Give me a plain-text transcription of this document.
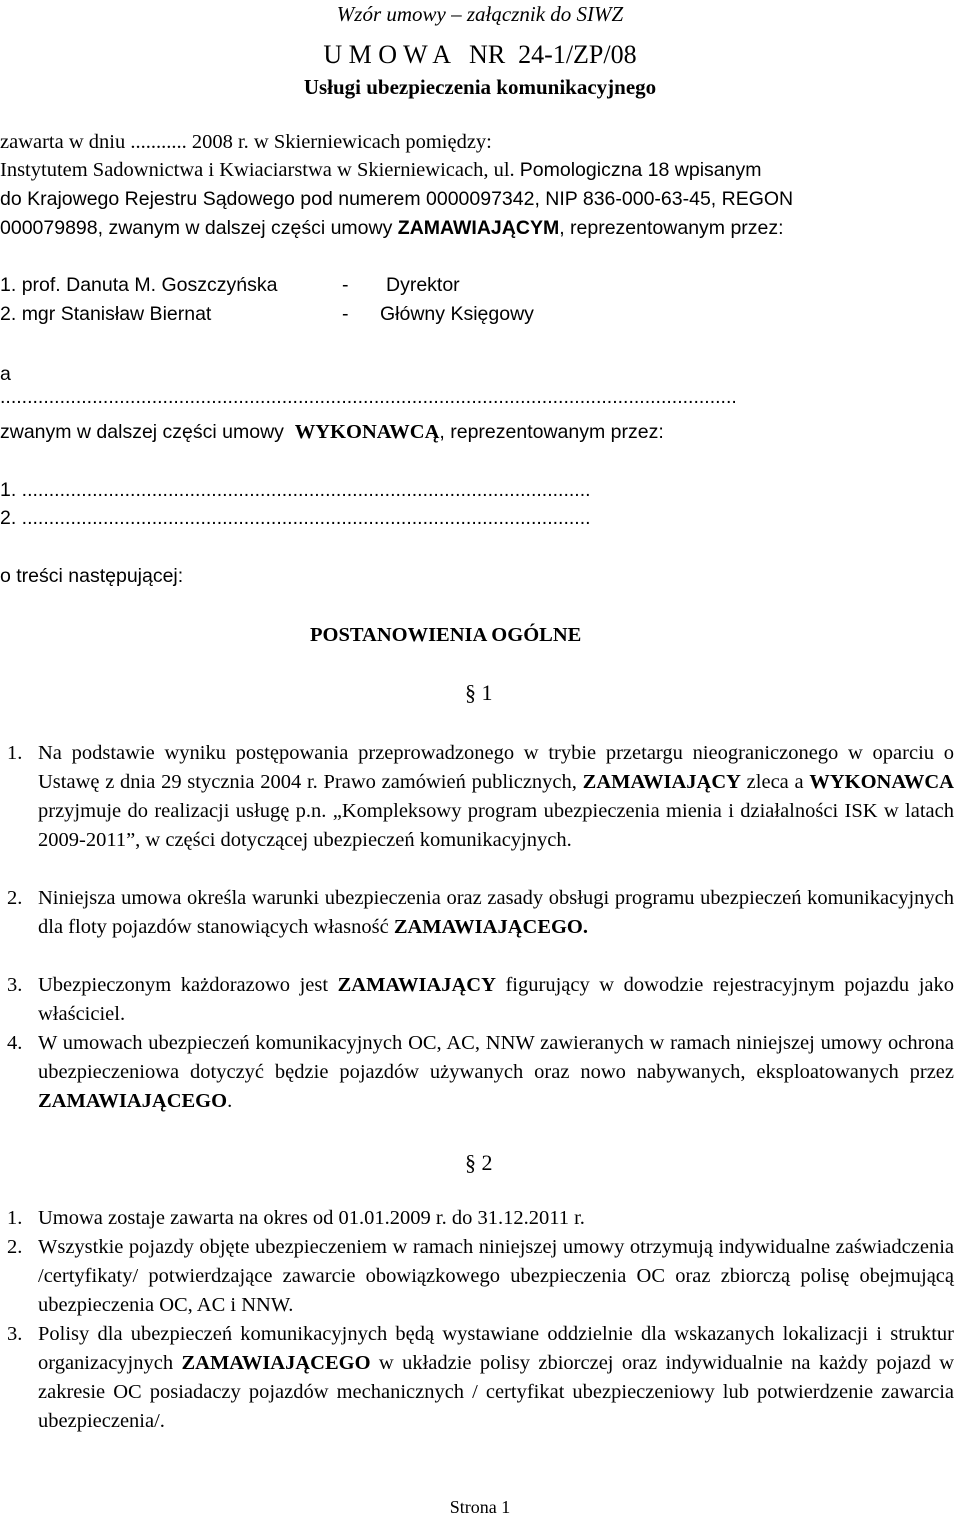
Wzór umowy – załącznik do SIWZ
U M O W A   NR  24-1/ZP/08
Usługi ubezpieczenia komunikacyjnego
zawarta w dniu ........... 2008 r. w Skierniewicach pomiędzy:
Instytutem Sadownictwa i Kwiaciarstwa w Skierniewicach, ul. Pomologiczna 18 wpisanym
do Krajowego Rejestru Sądowego pod numerem 0000097342, NIP 836-000-63-45, REGON
000079898, zwanym w dalszej części umowy ZAMAWIAJĄCYM, reprezentowanym przez:
1. prof. Danuta M. Goszczyńska	- Dyrektor
2. mgr Stanisław Biernat	- Główny Księgowy
a
........................................................................................................................................
zwanym w dalszej części umowy  WYKONAWCĄ, reprezentowanym przez:
1. .........................................................................................................
2. .........................................................................................................
o treści następującej:
POSTANOWIENIA OGÓLNE
§ 1
1. Na podstawie wyniku postępowania przeprowadzonego w trybie przetargu nieograniczonego w oparciu o Ustawę z dnia 29 stycznia 2004 r. Prawo zamówień publicznych, ZAMAWIAJĄCY zleca a WYKONAWCA przyjmuje do realizacji usługę p.n. „Kompleksowy program ubezpieczenia mienia i działalności ISK w latach 2009-2011”, w części dotyczącej ubezpieczeń komunikacyjnych.
2. Niniejsza umowa określa warunki ubezpieczenia oraz zasady obsługi programu ubezpieczeń komunikacyjnych dla floty pojazdów stanowiących własność ZAMAWIAJĄCEGO.
3. Ubezpieczonym każdorazowo jest ZAMAWIAJĄCY figurujący w dowodzie rejestracyjnym pojazdu jako właściciel.
4. W umowach ubezpieczeń komunikacyjnych OC, AC, NNW zawieranych w ramach niniejszej umowy ochrona ubezpieczeniowa dotyczyć będzie pojazdów używanych oraz nowo nabywanych, eksploatowanych przez ZAMAWIAJĄCEGO.
§ 2
1. Umowa zostaje zawarta na okres od 01.01.2009 r. do 31.12.2011 r.
2. Wszystkie pojazdy objęte ubezpieczeniem w ramach niniejszej umowy otrzymują indywidualne zaświadczenia /certyfikaty/ potwierdzające zawarcie obowiązkowego ubezpieczenia OC oraz zbiorczą polisę obejmującą ubezpieczenia OC, AC i NNW.
3. Polisy dla ubezpieczeń komunikacyjnych będą wystawiane oddzielnie dla wskazanych lokalizacji i struktur organizacyjnych ZAMAWIAJĄCEGO w układzie polisy zbiorczej oraz indywidualnie na każdy pojazd w zakresie OC posiadaczy pojazdów mechanicznych / certyfikat ubezpieczeniowy lub potwierdzenie zawarcia ubezpieczenia/.
Strona 1
